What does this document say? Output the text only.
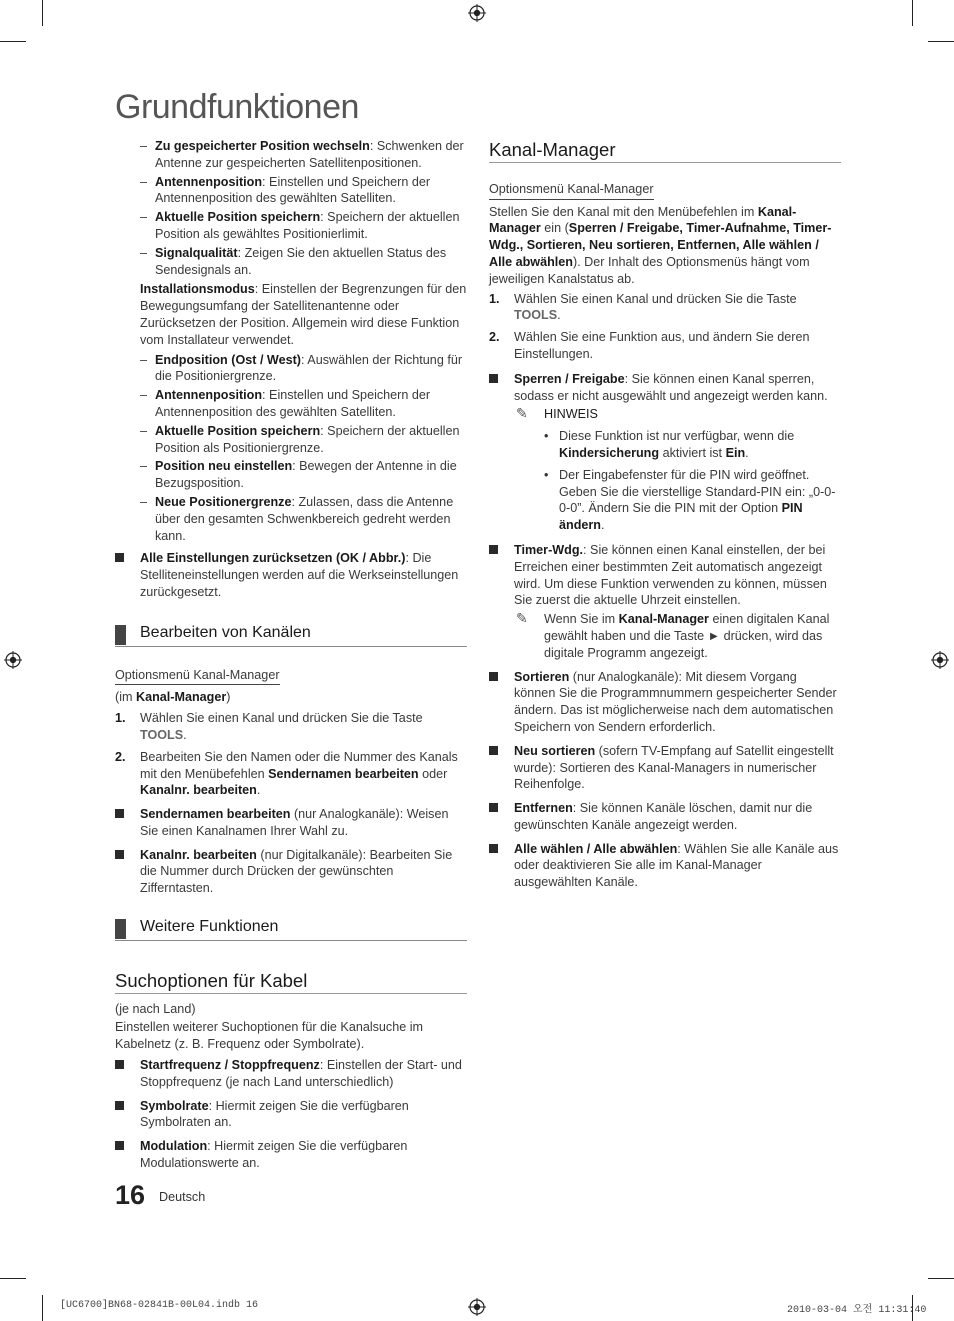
Grundfunktionen
– Zu gespeicherter Position wechseln: Schwenken der Antenne zur gespeicherten Satellitenpositionen.
– Antennenposition: Einstellen und Speichern der Antennenposition des gewählten Satelliten.
– Aktuelle Position speichern: Speichern der aktuellen Position als gewähltes Positionierlimit.
– Signalqualität: Zeigen Sie den aktuellen Status des Sendesignals an.
Installationsmodus: Einstellen der Begrenzungen für den Bewegungsumfang der Satellitenantenne oder Zurücksetzen der Position. Allgemein wird diese Funktion vom Installateur verwendet.
– Endposition (Ost / West): Auswählen der Richtung für die Positioniergrenze.
– Antennenposition: Einstellen und Speichern der Antennenposition des gewählten Satelliten.
– Aktuelle Position speichern: Speichern der aktuellen Position als Positioniergrenze.
– Position neu einstellen: Bewegen der Antenne in die Bezugsposition.
– Neue Positionergrenze: Zulassen, dass die Antenne über den gesamten Schwenkbereich gedreht werden kann.
Alle Einstellungen zurücksetzen (OK / Abbr.): Die Stelliteneinstellungen werden auf die Werkseinstellungen zurückgesetzt.
Bearbeiten von Kanälen
Optionsmenü Kanal-Manager
(im Kanal-Manager)
1. Wählen Sie einen Kanal und drücken Sie die Taste TOOLS.
2. Bearbeiten Sie den Namen oder die Nummer des Kanals mit den Menübefehlen Sendernamen bearbeiten oder Kanalnr. bearbeiten.
Sendernamen bearbeiten (nur Analogkanäle): Weisen Sie einen Kanalnamen Ihrer Wahl zu.
Kanalnr. bearbeiten (nur Digitalkanäle): Bearbeiten Sie die Nummer durch Drücken der gewünschten Zifferntasten.
Weitere Funktionen
Suchoptionen für Kabel
(je nach Land)
Einstellen weiterer Suchoptionen für die Kanalsuche im Kabelnetz (z. B. Frequenz oder Symbolrate).
Startfrequenz / Stoppfrequenz: Einstellen der Start- und Stoppfrequenz (je nach Land unterschiedlich)
Symbolrate: Hiermit zeigen Sie die verfügbaren Symbolraten an.
Modulation: Hiermit zeigen Sie die verfügbaren Modulationswerte an.
Kanal-Manager
Optionsmenü Kanal-Manager
Stellen Sie den Kanal mit den Menübefehlen im Kanal-Manager ein (Sperren / Freigabe, Timer-Aufnahme, Timer-Wdg., Sortieren, Neu sortieren, Entfernen, Alle wählen / Alle abwählen). Der Inhalt des Optionsmenüs hängt vom jeweiligen Kanalstatus ab.
1. Wählen Sie einen Kanal und drücken Sie die Taste TOOLS.
2. Wählen Sie eine Funktion aus, und ändern Sie deren Einstellungen.
Sperren / Freigabe: Sie können einen Kanal sperren, sodass er nicht ausgewählt und angezeigt werden kann.
✎ HINWEIS
• Diese Funktion ist nur verfügbar, wenn die Kindersicherung aktiviert ist Ein.
• Der Eingabefenster für die PIN wird geöffnet. Geben Sie die vierstellige Standard-PIN ein: „0-0-0-0”. Ändern Sie die PIN mit der Option PIN ändern.
Timer-Wdg.: Sie können einen Kanal einstellen, der bei Erreichen einer bestimmten Zeit automatisch angezeigt wird. Um diese Funktion verwenden zu können, müssen Sie zuerst die aktuelle Uhrzeit einstellen.
✎ Wenn Sie im Kanal-Manager einen digitalen Kanal gewählt haben und die Taste ► drücken, wird das digitale Programm angezeigt.
Sortieren (nur Analogkanäle): Mit diesem Vorgang können Sie die Programmnummern gespeicherter Sender ändern. Das ist möglicherweise nach dem automatischen Speichern von Sendern erforderlich.
Neu sortieren (sofern TV-Empfang auf Satellit eingestellt wurde): Sortieren des Kanal-Managers in numerischer Reihenfolge.
Entfernen: Sie können Kanäle löschen, damit nur die gewünschten Kanäle angezeigt werden.
Alle wählen / Alle abwählen: Wählen Sie alle Kanäle aus oder deaktivieren Sie alle im Kanal-Manager ausgewählten Kanäle.
16 Deutsch
[UC6700]BN68-02841B-00L04.indb 16	2010-03-04 오전 11:31:40
